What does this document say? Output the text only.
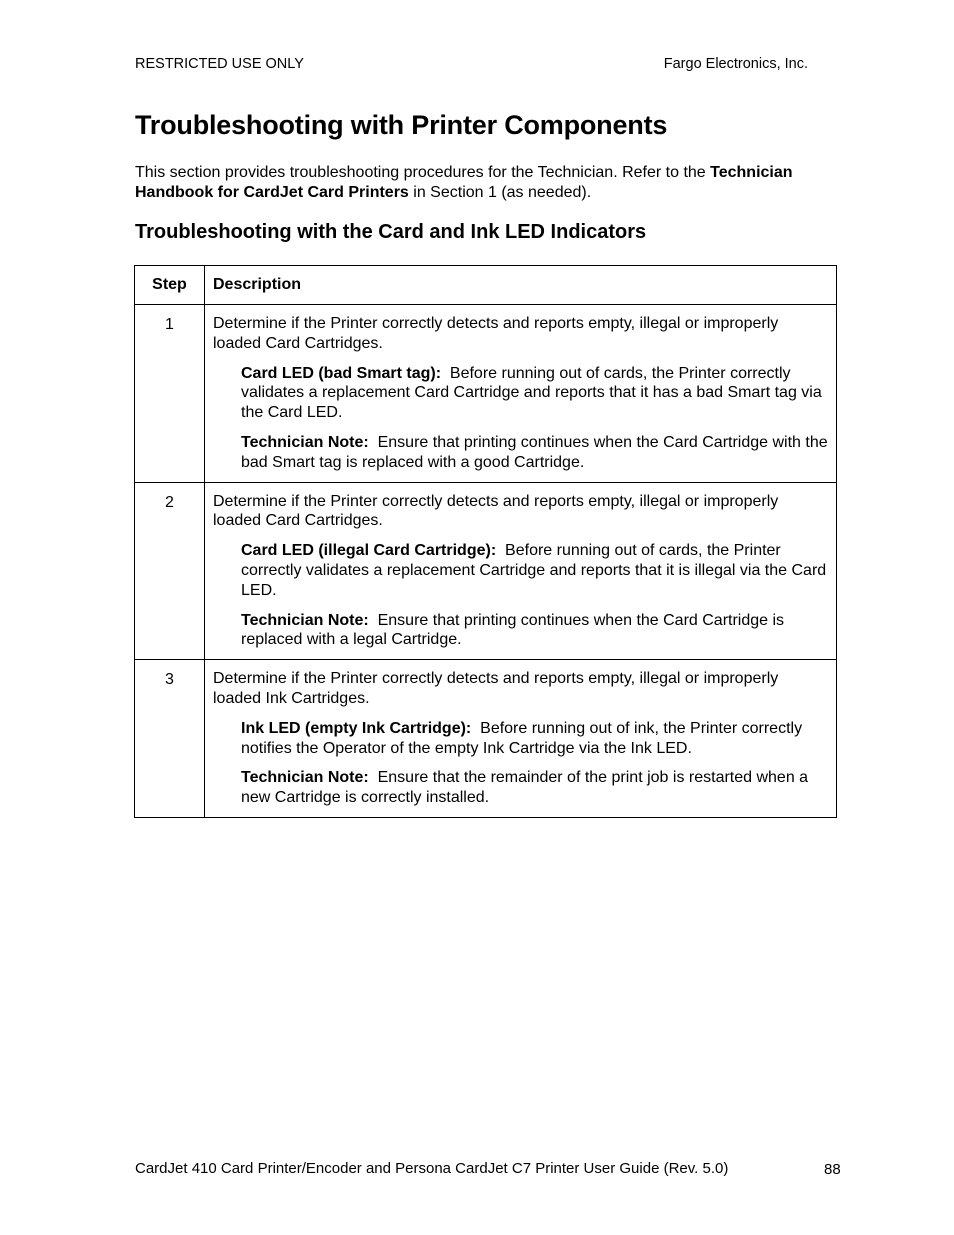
RESTRICTED USE ONLY	Fargo Electronics, Inc.
Troubleshooting with Printer Components

This section provides troubleshooting procedures for the Technician. Refer to the Technician Handbook for CardJet Card Printers in Section 1 (as needed).

Troubleshooting with the Card and Ink LED Indicators
Step	Description
1	Determine if the Printer correctly detects and reports empty, illegal or improperly loaded Card Cartridges.

Card LED (bad Smart tag):  Before running out of cards, the Printer correctly validates a replacement Card Cartridge and reports that it has a bad Smart tag via the Card LED.

Technician Note:  Ensure that printing continues when the Card Cartridge with the bad Smart tag is replaced with a good Cartridge.

2	Determine if the Printer correctly detects and reports empty, illegal or improperly loaded Card Cartridges.

Card LED (illegal Card Cartridge):  Before running out of cards, the Printer correctly validates a replacement Cartridge and reports that it is illegal via the Card LED.

Technician Note:  Ensure that printing continues when the Card Cartridge is replaced with a legal Cartridge.

3	Determine if the Printer correctly detects and reports empty, illegal or improperly loaded Ink Cartridges.

Ink LED (empty Ink Cartridge):  Before running out of ink, the Printer correctly notifies the Operator of the empty Ink Cartridge via the Ink LED.

Technician Note:  Ensure that the remainder of the print job is restarted when a new Cartridge is correctly installed.

CardJet 410 Card Printer/Encoder and Persona CardJet C7 Printer User Guide (Rev. 5.0)	88
